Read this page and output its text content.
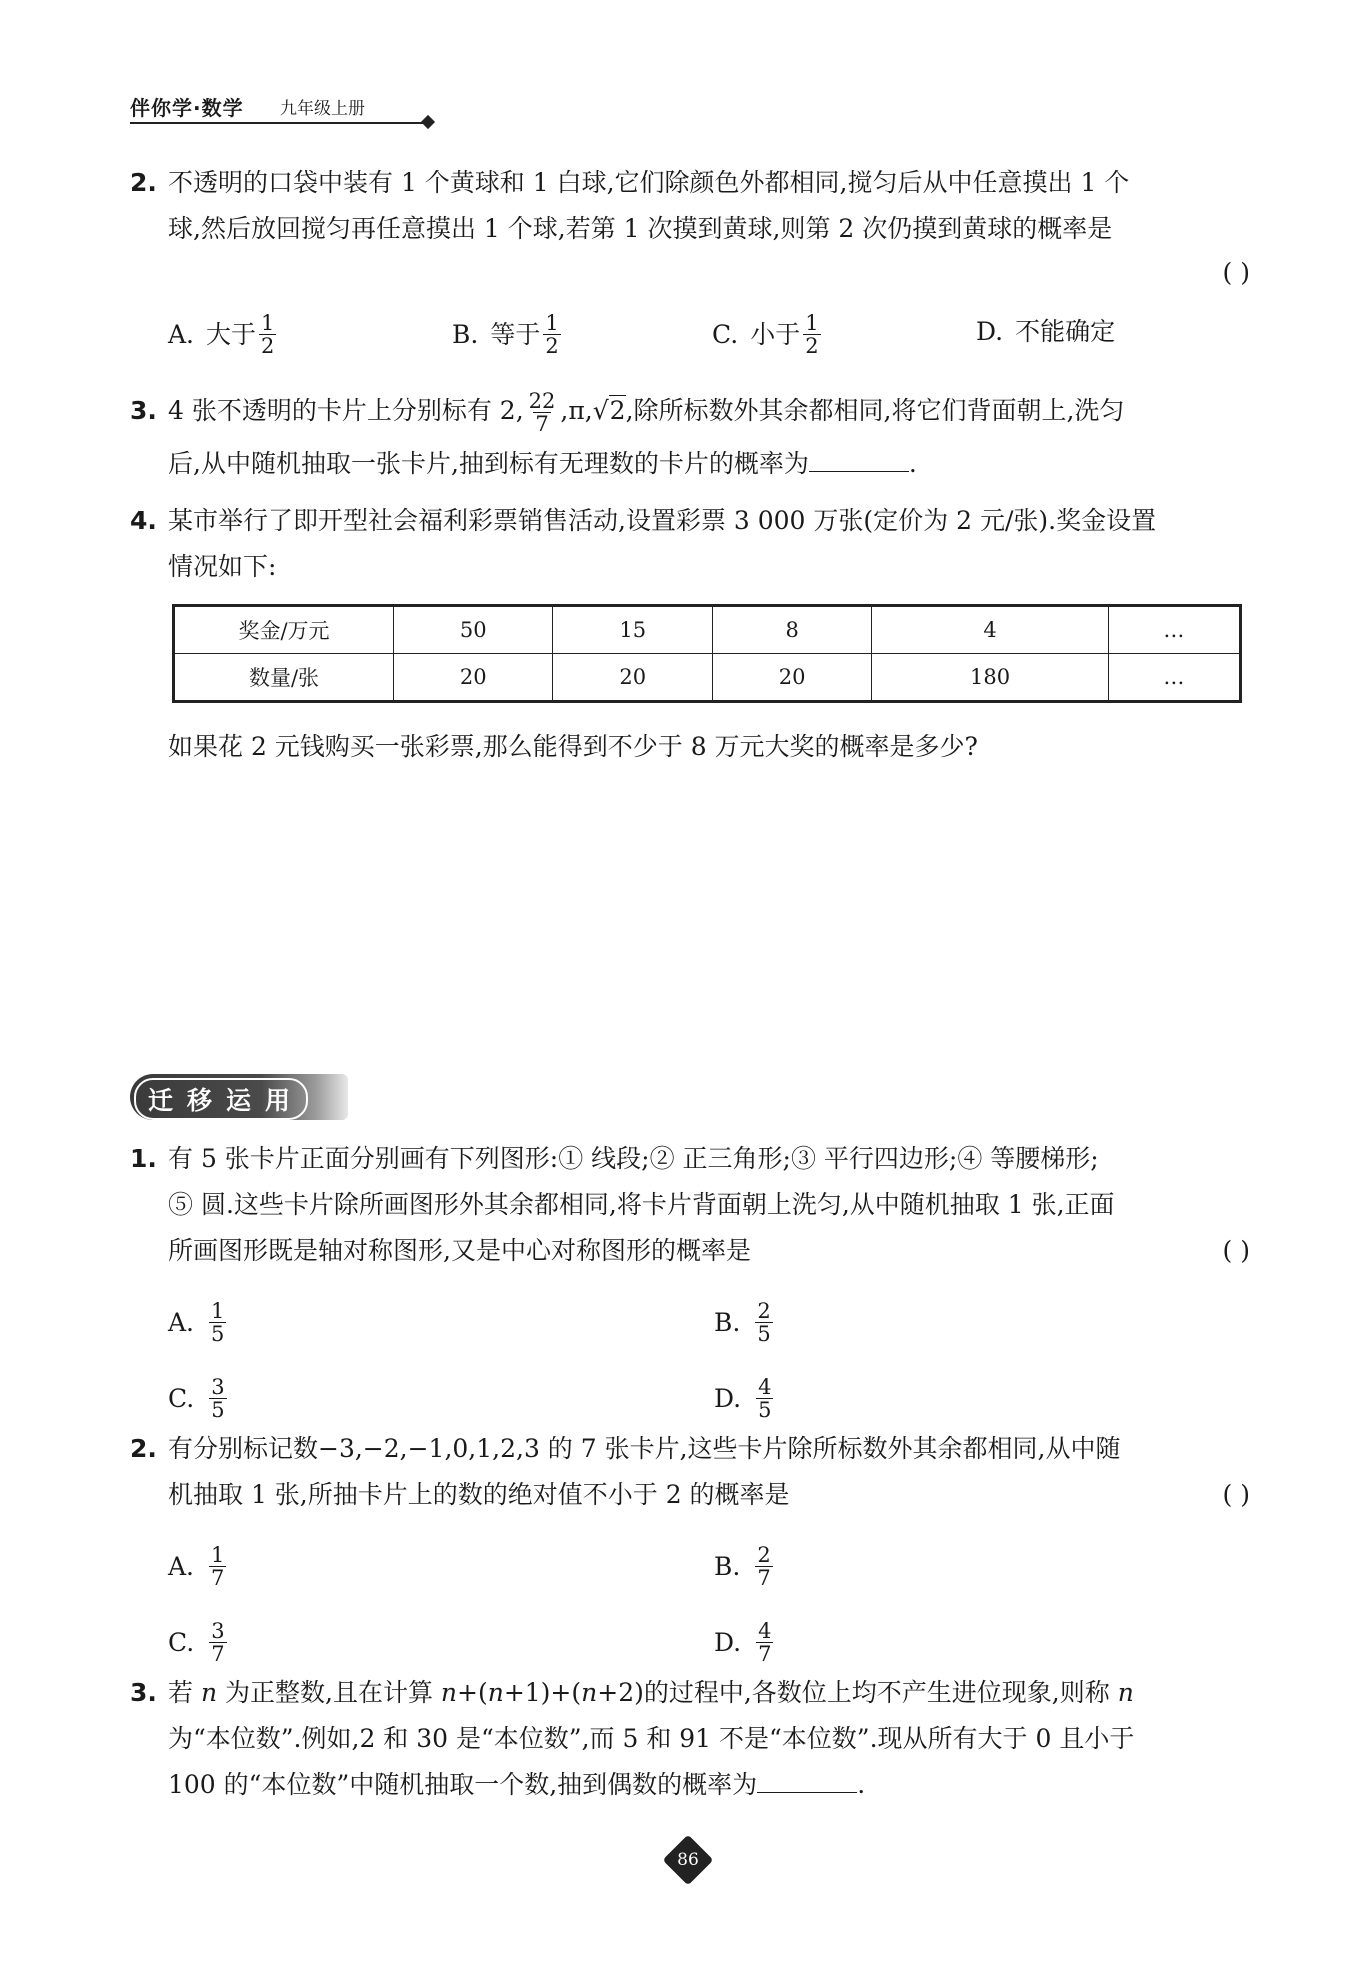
伴你学·数学 九年级上册
2. 不透明的口袋中装有 1 个黄球和 1 白球,它们除颜色外都相同,搅匀后从中任意摸出 1 个
球,然后放回搅匀再任意摸出 1 个球,若第 1 次摸到黄球,则第 2 次仍摸到黄球的概率是
( )
A. 大于 $\frac{1}{2}$	B. 等于 $\frac{1}{2}$	C. 小于 $\frac{1}{2}$	D. 不能确定
3. 4 张不透明的卡片上分别标有 2, $\frac{22}{7} ,\pi,√2$,除所标数外其余都相同,将它们背面朝上,洗匀
后,从中随机抽取一张卡片,抽到标有无理数的卡片的概率为	.
4. 某市举行了即开型社会福利彩票销售活动,设置彩票 3 000 万张(定价为 2 元/张).奖金设置
情况如下:
奖金/万元	50	15	8	4	…
数量/张	20	20	20	180	…
如果花 2 元钱购买一张彩票,那么能得到不少于 8 万元大奖的概率是多少?
迁移运用
1. 有 5 张卡片正面分别画有下列图形:① 线段;② 正三角形;③ 平行四边形;④ 等腰梯形;
⑤ 圆.这些卡片除所画图形外其余都相同,将卡片背面朝上洗匀,从中随机抽取 1 张,正面
所画图形既是轴对称图形,又是中心对称图形的概率是	( )
A. $\frac{1}{5}$	B. $\frac{2}{5}$
C. $\frac{3}{5}$	D. $\frac{4}{5}$
2. 有分别标记数−3,−2,−1,0,1,2,3 的 7 张卡片,这些卡片除所标数外其余都相同,从中随
机抽取 1 张,所抽卡片上的数的绝对值不小于 2 的概率是	( )
A. $\frac{1}{7}$	B. $\frac{2}{7}$
C. $\frac{3}{7}$	D. $\frac{4}{7}$
3. 若 n 为正整数,且在计算 n+(n+1)+(n+2)的过程中,各数位上均不产生进位现象,则称 n
为“本位数”.例如,2 和 30 是“本位数”,而 5 和 91 不是“本位数”.现从所有大于 0 且小于
100 的“本位数”中随机抽取一个数,抽到偶数的概率为	.
86
